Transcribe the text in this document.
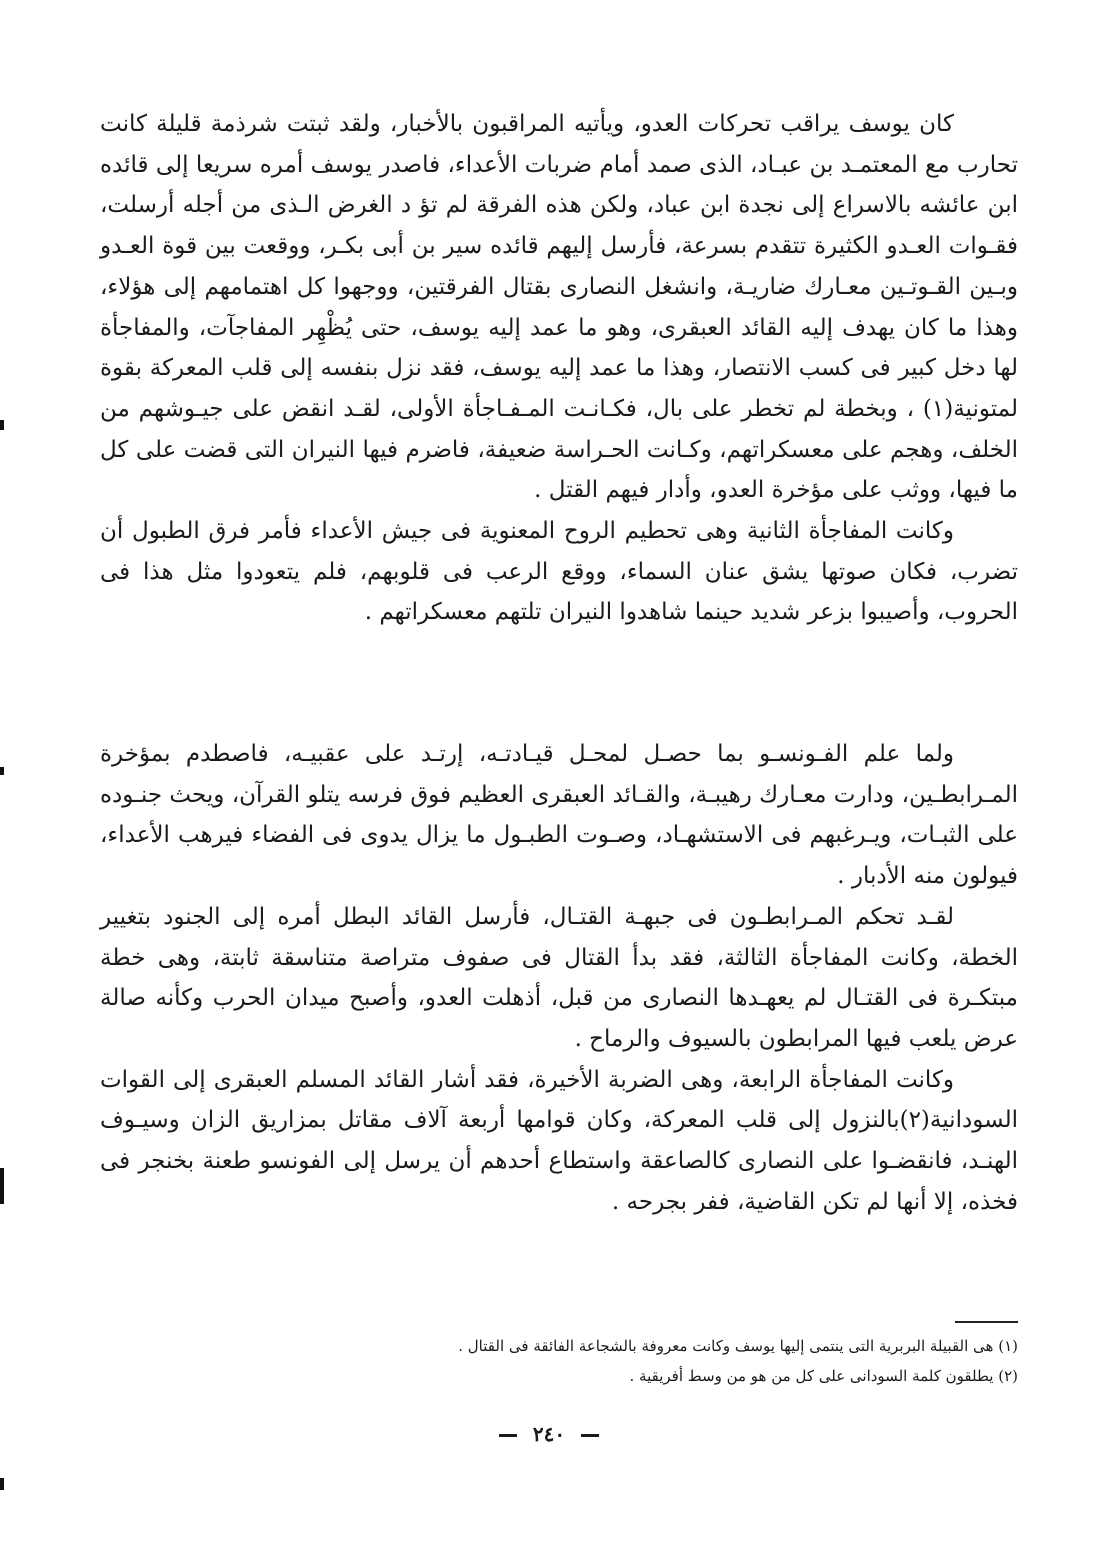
كان يوسف يراقب تحركات العدو، ويأتيه المراقبون بالأخبار، ولقد ثبتت شرذمة قليلة كانت تحارب مع المعتمـد بن عبـاد، الذى صمد أمام ضربات الأعداء، فاصدر يوسف أمره سريعا إلى قائده ابن عائشه بالاسراع إلى نجدة ابن عباد، ولكن هذه الفرقة لم تؤ د الغرض الـذى من أجله أرسلت، فقـوات العـدو الكثيرة تتقدم بسرعة، فأرسل إليهم قائده سير بن أبى بكـر، ووقعت بين قوة العـدو وبـين القـوتـين معـارك ضاريـة، وانشغل النصارى بقتال الفرقتين، ووجهوا كل اهتمامهم إلى هؤلاء، وهذا ما كان يهدف إليه القائد العبقرى، وهو ما عمد إليه يوسف، حتى يُظْهِر المفاجآت، والمفاجأة لها دخل كبير فى كسب الانتصار، وهذا ما عمد إليه يوسف، فقد نزل بنفسه إلى قلب المعركة بقوة لمتونية(١) ، وبخطة لم تخطر على بال، فكـانـت المـفـاجأة الأولى، لقـد انقض على جيـوشهم من الخلف، وهجم على معسكراتهم، وكـانت الحـراسة ضعيفة، فاضرم فيها النيران التى قضت على كل ما فيها، ووثب على مؤخرة العدو، وأدار فيهم القتل .

وكانت المفاجأة الثانية وهى تحطيم الروح المعنوية فى جيش الأعداء فأمر فرق الطبول أن تضرب، فكان صوتها يشق عنان السماء، ووقع الرعب فى قلوبهم، فلم يتعودوا مثل هذا فى الحروب، وأصيبوا بزعر شديد حينما شاهدوا النيران تلتهم معسكراتهم .

ولما علم الفـونسـو بما حصـل لمحـل قيـادتـه، إرتـد على عقبيـه، فاصطدم بمؤخرة المـرابطـين، ودارت معـارك رهيبـة، والقـائد العبقرى العظيم فوق فرسه يتلو القرآن، ويحث جنـوده على الثبـات، ويـرغبهم فى الاستشهـاد، وصـوت الطبـول ما يزال يدوى فى الفضاء فيرهب الأعداء، فيولون منه الأدبار .

لقـد تحكم المـرابطـون فى جبهـة القتـال، فأرسل القائد البطل أمره إلى الجنود بتغيير الخطة، وكانت المفاجأة الثالثة، فقد بدأ القتال فى صفوف متراصة متناسقة ثابتة، وهى خطة مبتكـرة فى القتـال لم يعهـدها النصارى من قبل، أذهلت العدو، وأصبح ميدان الحرب وكأنه صالة عرض يلعب فيها المرابطون بالسيوف والرماح .

وكانت المفاجأة الرابعة، وهى الضربة الأخيرة، فقد أشار القائد المسلم العبقرى إلى القوات السودانية(٢)بالنزول إلى قلب المعركة، وكان قوامها أربعة آلاف مقاتل بمزاريق الزان وسيـوف الهنـد، فانقضـوا على النصارى كالصاعقة واستطاع أحدهم أن يرسل إلى الفونسو طعنة بخنجر فى فخذه، إلا أنها لم تكن القاضية، ففر بجرحه .

(١) هى القبيلة البربرية التى ينتمى إليها يوسف وكانت معروفة بالشجاعة الفائقة فى القتال .

(٢) يطلقون كلمة السودانى على كل من هو من وسط أفريقية .

٢٤٠
